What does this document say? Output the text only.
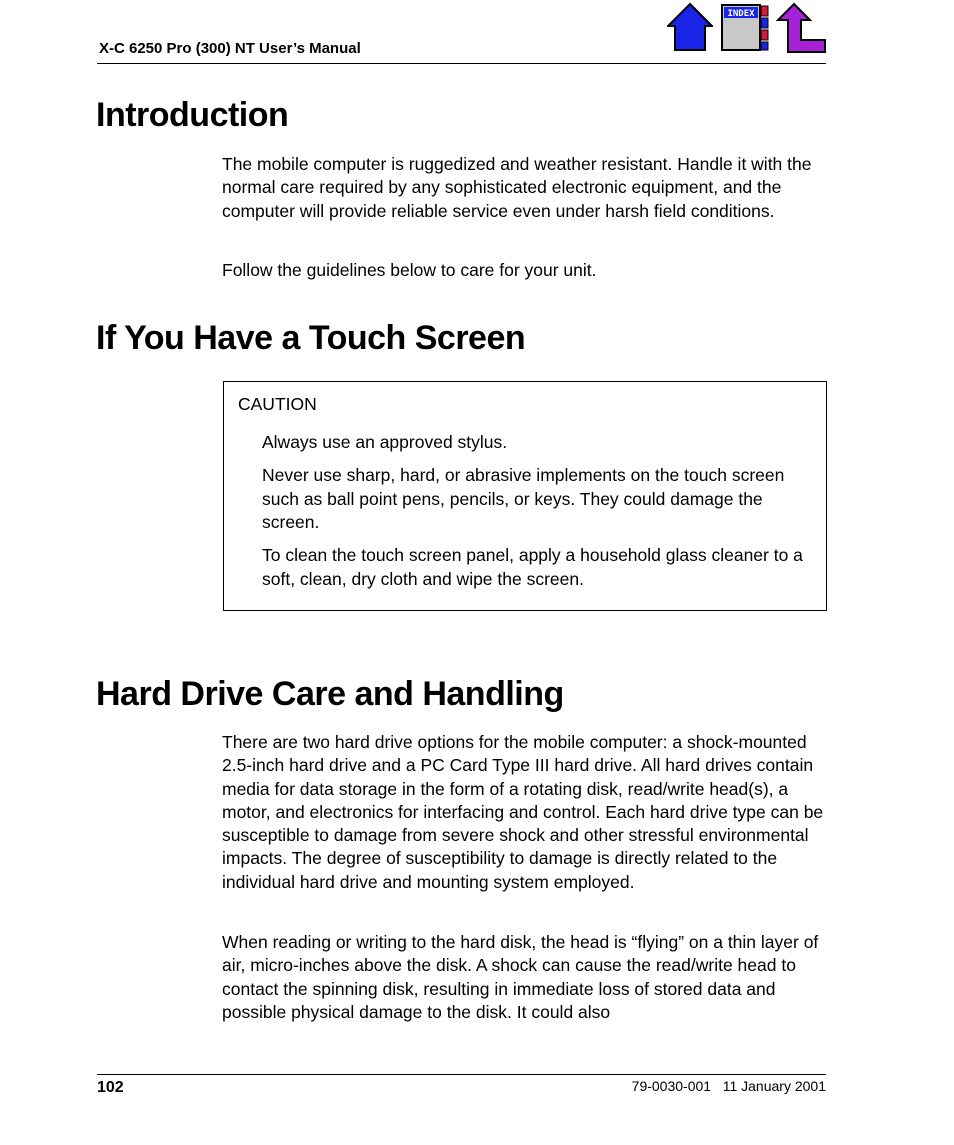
X-C 6250 Pro (300) NT User’s Manual
INDEX
Introduction

The mobile computer is ruggedized and weather resistant. Handle it with the normal care required by any sophisticated electronic equipment, and the computer will provide reliable service even under harsh field conditions.

Follow the guidelines below to care for your unit.

If You Have a Touch Screen
CAUTION

Always use an approved stylus.

Never use sharp, hard, or abrasive implements on the touch screen such as ball point pens, pencils, or keys. They could damage the screen.

To clean the touch screen panel, apply a household glass cleaner to a soft, clean, dry cloth and wipe the screen.

Hard Drive Care and Handling

There are two hard drive options for the mobile computer: a shock-mounted 2.5-inch hard drive and a PC Card Type III hard drive. All hard drives contain media for data storage in the form of a rotating disk, read/write head(s), a motor, and electronics for interfacing and control. Each hard drive type can be susceptible to damage from severe shock and other stressful environmental impacts. The degree of susceptibility to damage is directly related to the individual hard drive and mounting system employed.

When reading or writing to the hard disk, the head is “flying” on a thin layer of air, micro-inches above the disk. A shock can cause the read/write head to contact the spinning disk, resulting in immediate loss of stored data and possible physical damage to the disk. It could also

102	79-0030-001   11 January 2001
